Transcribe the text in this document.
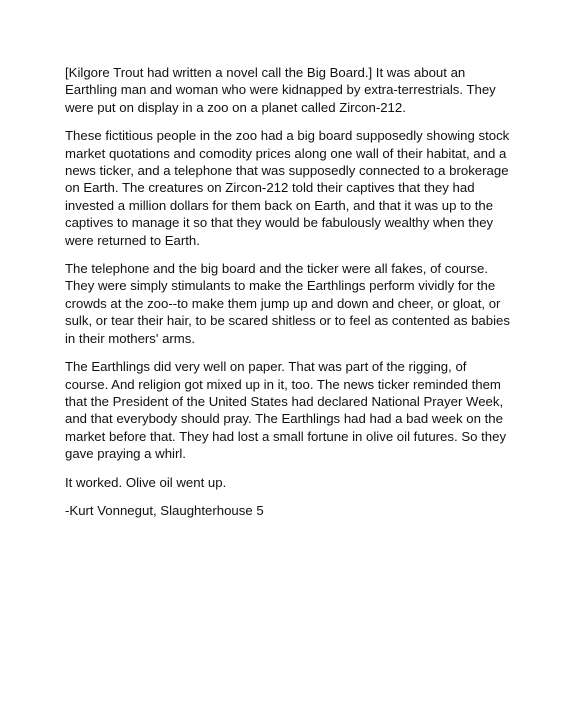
[Kilgore Trout had written a novel call the Big Board.] It was about an Earthling man and woman who were kidnapped by extra-terrestrials. They were put on display in a zoo on a planet called Zircon-212.

These fictitious people in the zoo had a big board supposedly showing stock market quotations and comodity prices along one wall of their habitat, and a news ticker, and a telephone that was supposedly connected to a brokerage on Earth. The creatures on Zircon-212 told their captives that they had invested a million dollars for them back on Earth, and that it was up to the captives to manage it so that they would be fabulously wealthy when they were returned to Earth.

The telephone and the big board and the ticker were all fakes, of course. They were simply stimulants to make the Earthlings perform vividly for the crowds at the zoo--to make them jump up and down and cheer, or gloat, or sulk, or tear their hair, to be scared shitless or to feel as contented as babies in their mothers' arms.

The Earthlings did very well on paper. That was part of the rigging, of course. And religion got mixed up in it, too. The news ticker reminded them that the President of the United States had declared National Prayer Week, and that everybody should pray. The Earthlings had had a bad week on the market before that. They had lost a small fortune in olive oil futures. So they gave praying a whirl.

It worked. Olive oil went up.

-Kurt Vonnegut, Slaughterhouse 5
